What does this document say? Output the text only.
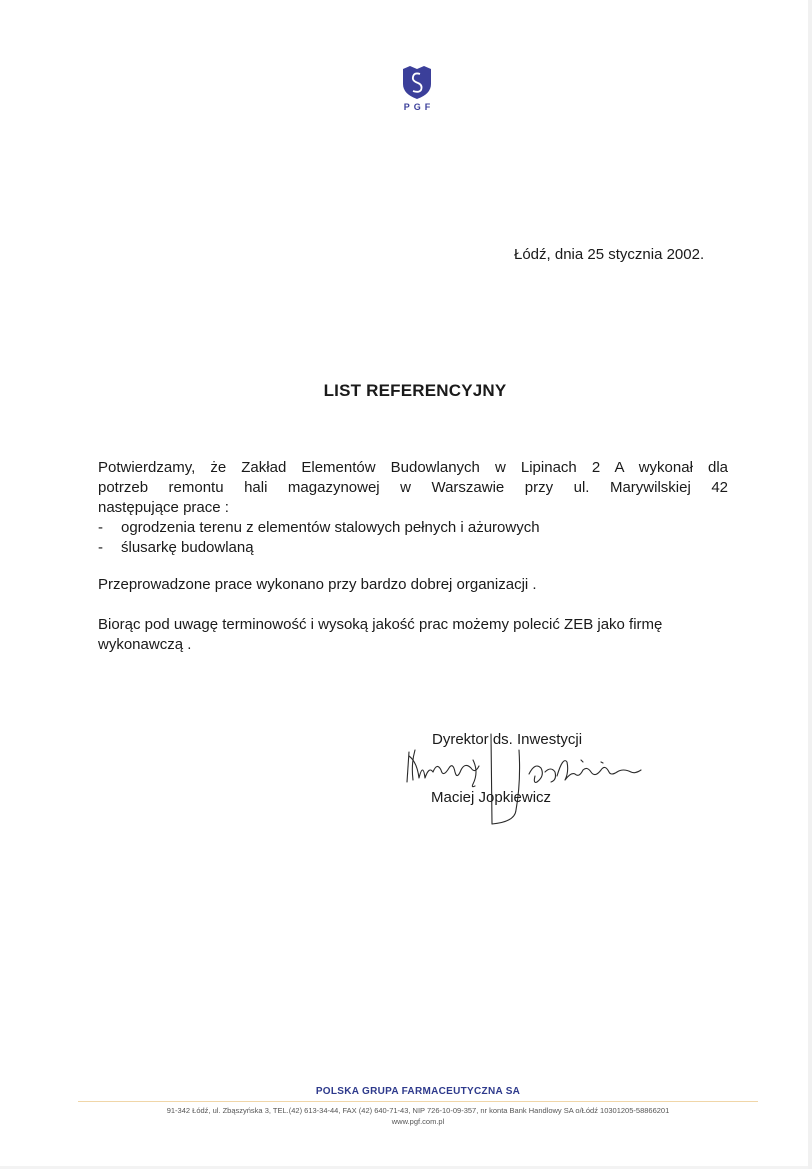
PGF
Łódź, dnia 25 stycznia 2002.
LIST REFERENCYJNY
Potwierdzamy, że Zakład Elementów Budowlanych w Lipinach 2 A wykonał dla
potrzeb remontu hali magazynowej w Warszawie przy ul. Marywilskiej 42
następujące prace :
- ogrodzenia terenu z elementów stalowych pełnych i ażurowych
- ślusarkę budowlaną
Przeprowadzone prace wykonano przy bardzo dobrej organizacji .
Biorąc pod uwagę terminowość i wysoką jakość prac możemy polecić ZEB jako firmę
wykonawczą .
Dyrektor ds. Inwestycji
Maciej Jopkiewicz
POLSKA GRUPA FARMACEUTYCZNA SA
91-342 Łódź, ul. Zbąszyńska 3, TEL.(42) 613-34-44, FAX (42) 640-71-43, NIP 726-10-09-357, nr konta Bank Handlowy SA o/Łódź 10301205-58866201
www.pgf.com.pl
